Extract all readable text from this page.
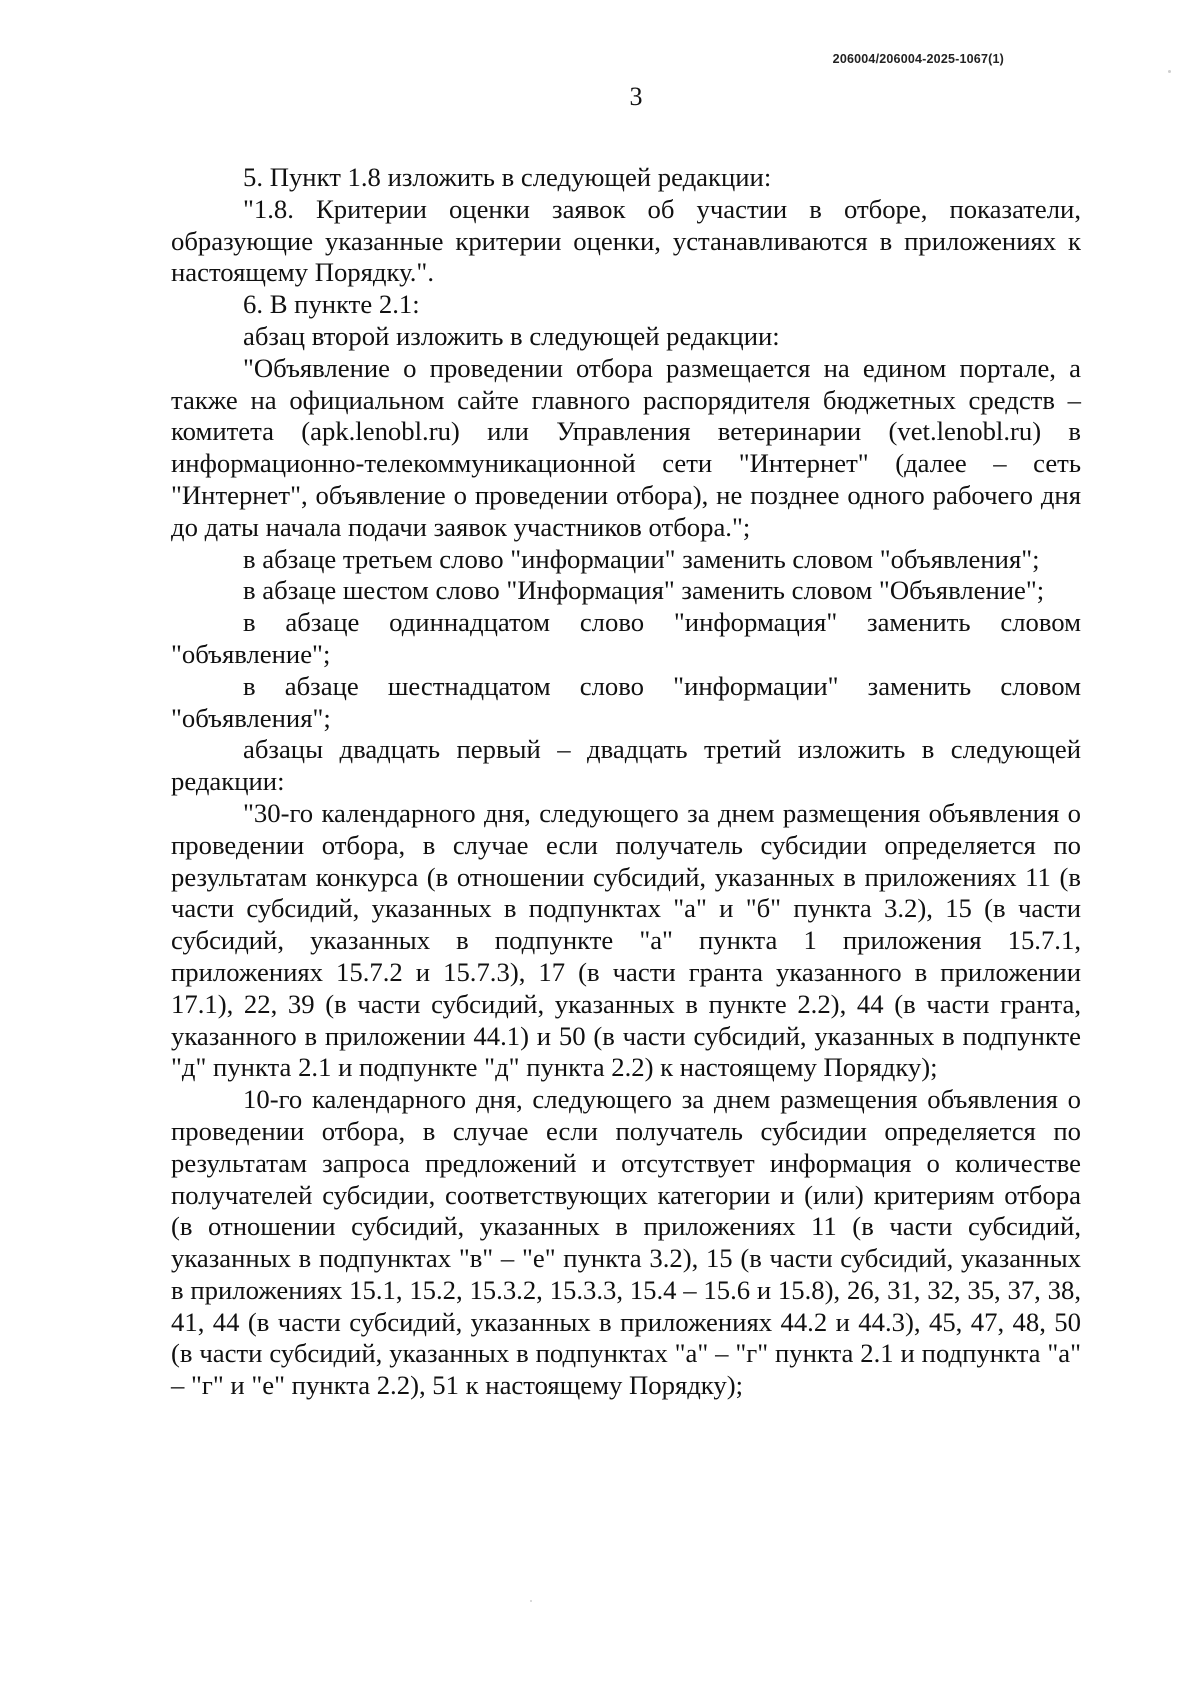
206004/206004-2025-1067(1)
3

5. Пункт 1.8 изложить в следующей редакции:

"1.8. Критерии оценки заявок об участии в отборе, показатели, образующие указанные критерии оценки, устанавливаются в приложениях к настоящему Порядку.".

6. В пункте 2.1:

абзац второй изложить в следующей редакции:

"Объявление о проведении отбора размещается на едином портале, а также на официальном сайте главного распорядителя бюджетных средств – комитета (apk.lenobl.ru) или Управления ветеринарии (vet.lenobl.ru) в информационно-телекоммуникационной сети "Интернет" (далее – сеть "Интернет", объявление о проведении отбора), не позднее одного рабочего дня до даты начала подачи заявок участников отбора.";

в абзаце третьем слово "информации" заменить словом "объявления";

в абзаце шестом слово "Информация" заменить словом "Объявление";

в абзаце одиннадцатом слово "информация" заменить словом "объявление";

в абзаце шестнадцатом слово "информации" заменить словом "объявления";

абзацы двадцать первый – двадцать третий изложить в следующей редакции:

"30-го календарного дня, следующего за днем размещения объявления о проведении отбора, в случае если получатель субсидии определяется по результатам конкурса (в отношении субсидий, указанных в приложениях 11 (в части субсидий, указанных в подпунктах "а" и "б" пункта 3.2), 15 (в части субсидий, указанных в подпункте "а" пункта 1 приложения 15.7.1, приложениях 15.7.2 и 15.7.3), 17 (в части гранта указанного в приложении 17.1), 22, 39 (в части субсидий, указанных в пункте 2.2), 44 (в части гранта, указанного в приложении 44.1) и 50 (в части субсидий, указанных в подпункте "д" пункта 2.1 и подпункте "д" пункта 2.2) к настоящему Порядку);

10-го календарного дня, следующего за днем размещения объявления о проведении отбора, в случае если получатель субсидии определяется по результатам запроса предложений и отсутствует информация о количестве получателей субсидии, соответствующих категории и (или) критериям отбора (в отношении субсидий, указанных в приложениях 11 (в части субсидий, указанных в подпунктах "в" – "е" пункта 3.2), 15 (в части субсидий, указанных в приложениях 15.1, 15.2, 15.3.2, 15.3.3, 15.4 – 15.6 и 15.8), 26, 31, 32, 35, 37, 38, 41, 44 (в части субсидий, указанных в приложениях 44.2 и 44.3), 45, 47, 48, 50 (в части субсидий, указанных в подпунктах "а" – "г" пункта 2.1 и подпункта "а" – "г" и "е" пункта 2.2), 51 к настоящему Порядку);
